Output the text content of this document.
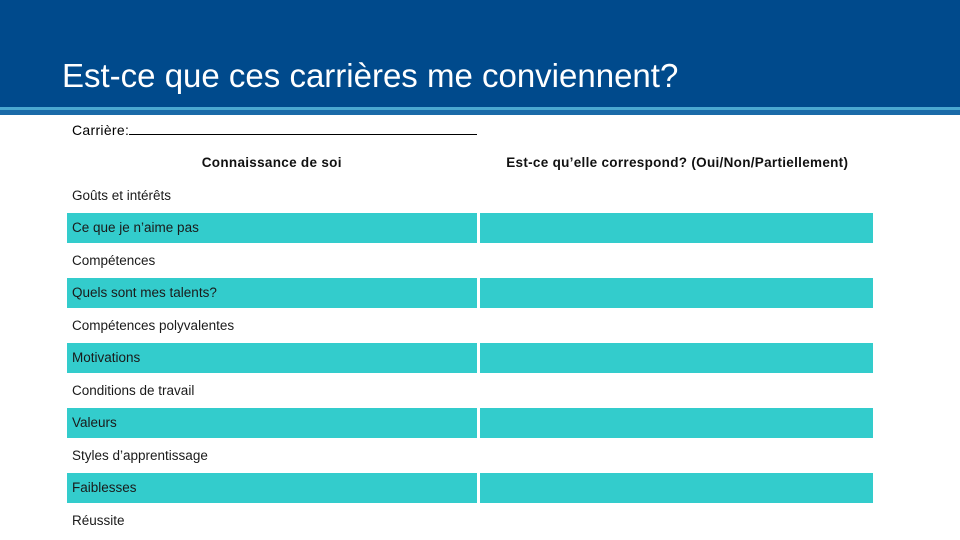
Est-ce que ces carrières me conviennent?
Carrière:
Connaissance de soi	Est-ce qu’elle correspond? (Oui/Non/Partiellement)
Goûts et intérêts	
Ce que je n’aime pas	
Compétences	
Quels sont mes talents?	
Compétences polyvalentes	
Motivations	
Conditions de travail	
Valeurs	
Styles d’apprentissage	
Faiblesses	
Réussite	
